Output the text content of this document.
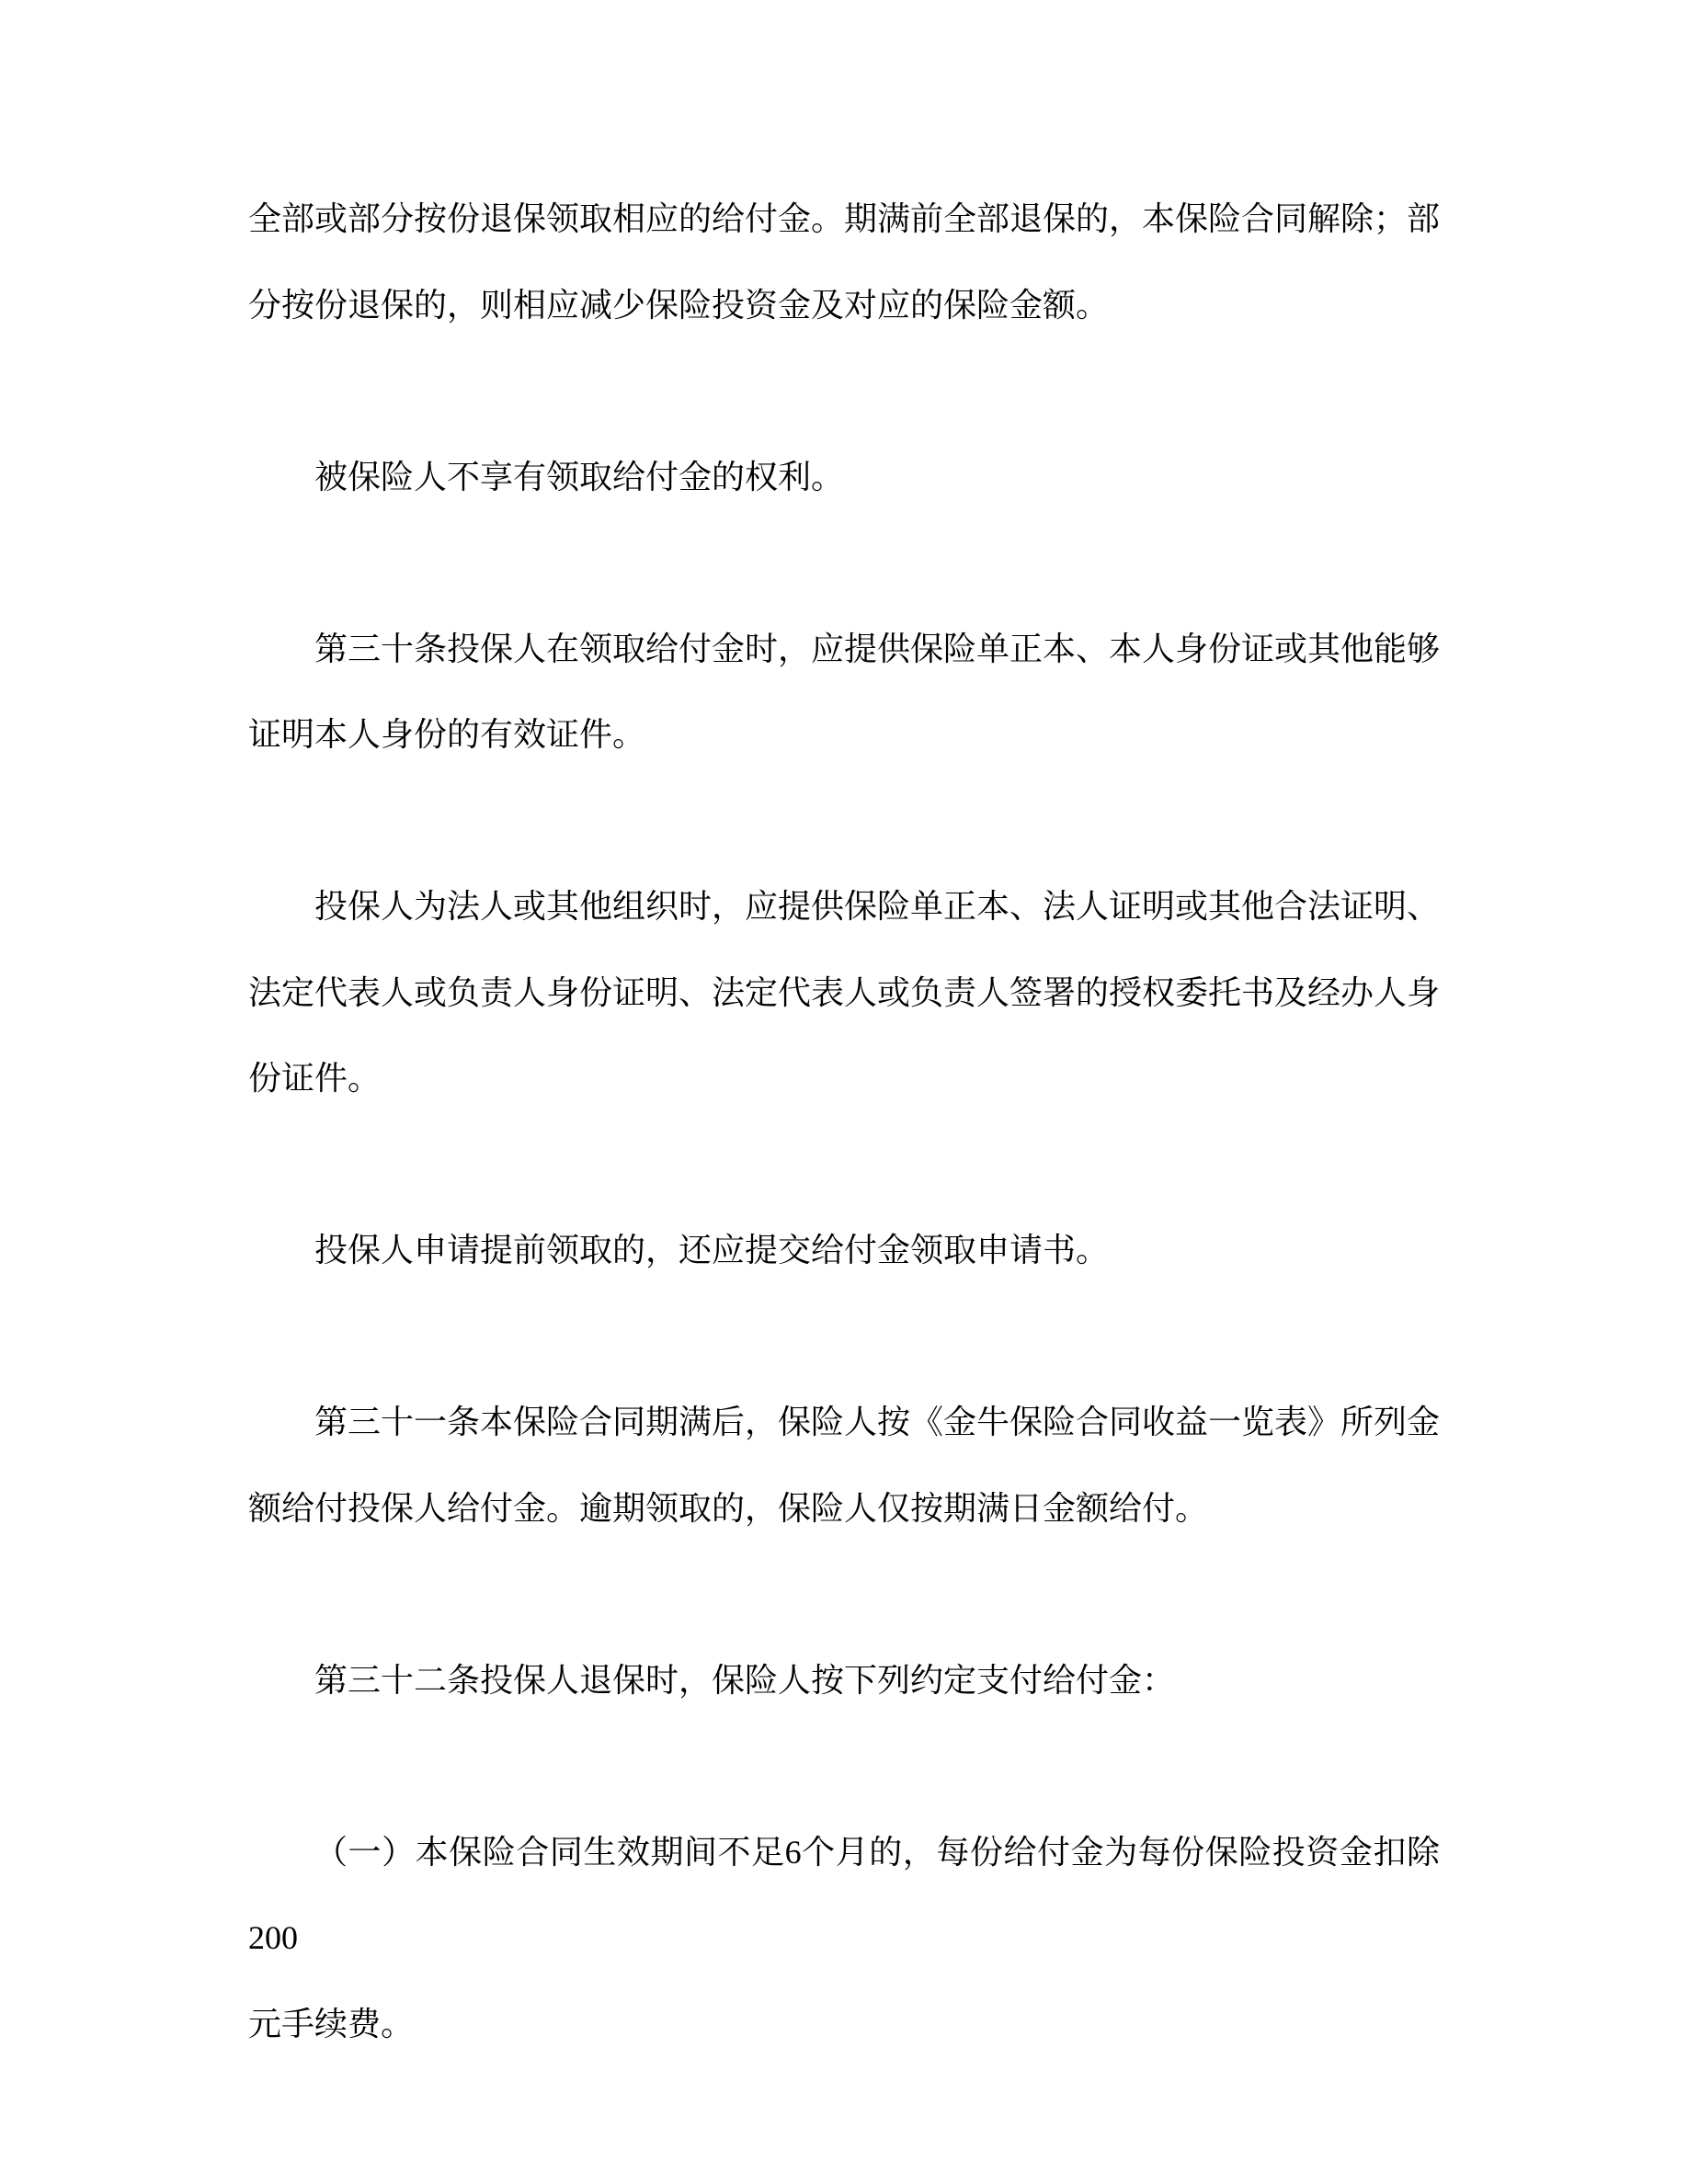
全部或部分按份退保领取相应的给付金。期满前全部退保的，本保险合同解除；部
分按份退保的，则相应减少保险投资金及对应的保险金额。

被保险人不享有领取给付金的权利。

第三十条投保人在领取给付金时，应提供保险单正本、本人身份证或其他能够
证明本人身份的有效证件。

投保人为法人或其他组织时，应提供保险单正本、法人证明或其他合法证明、
法定代表人或负责人身份证明、法定代表人或负责人签署的授权委托书及经办人身
份证件。

投保人申请提前领取的，还应提交给付金领取申请书。

第三十一条本保险合同期满后，保险人按《金牛保险合同收益一览表》所列金
额给付投保人给付金。逾期领取的，保险人仅按期满日金额给付。

第三十二条投保人退保时，保险人按下列约定支付给付金：

（一）本保险合同生效期间不足6个月的，每份给付金为每份保险投资金扣除200
元手续费。
